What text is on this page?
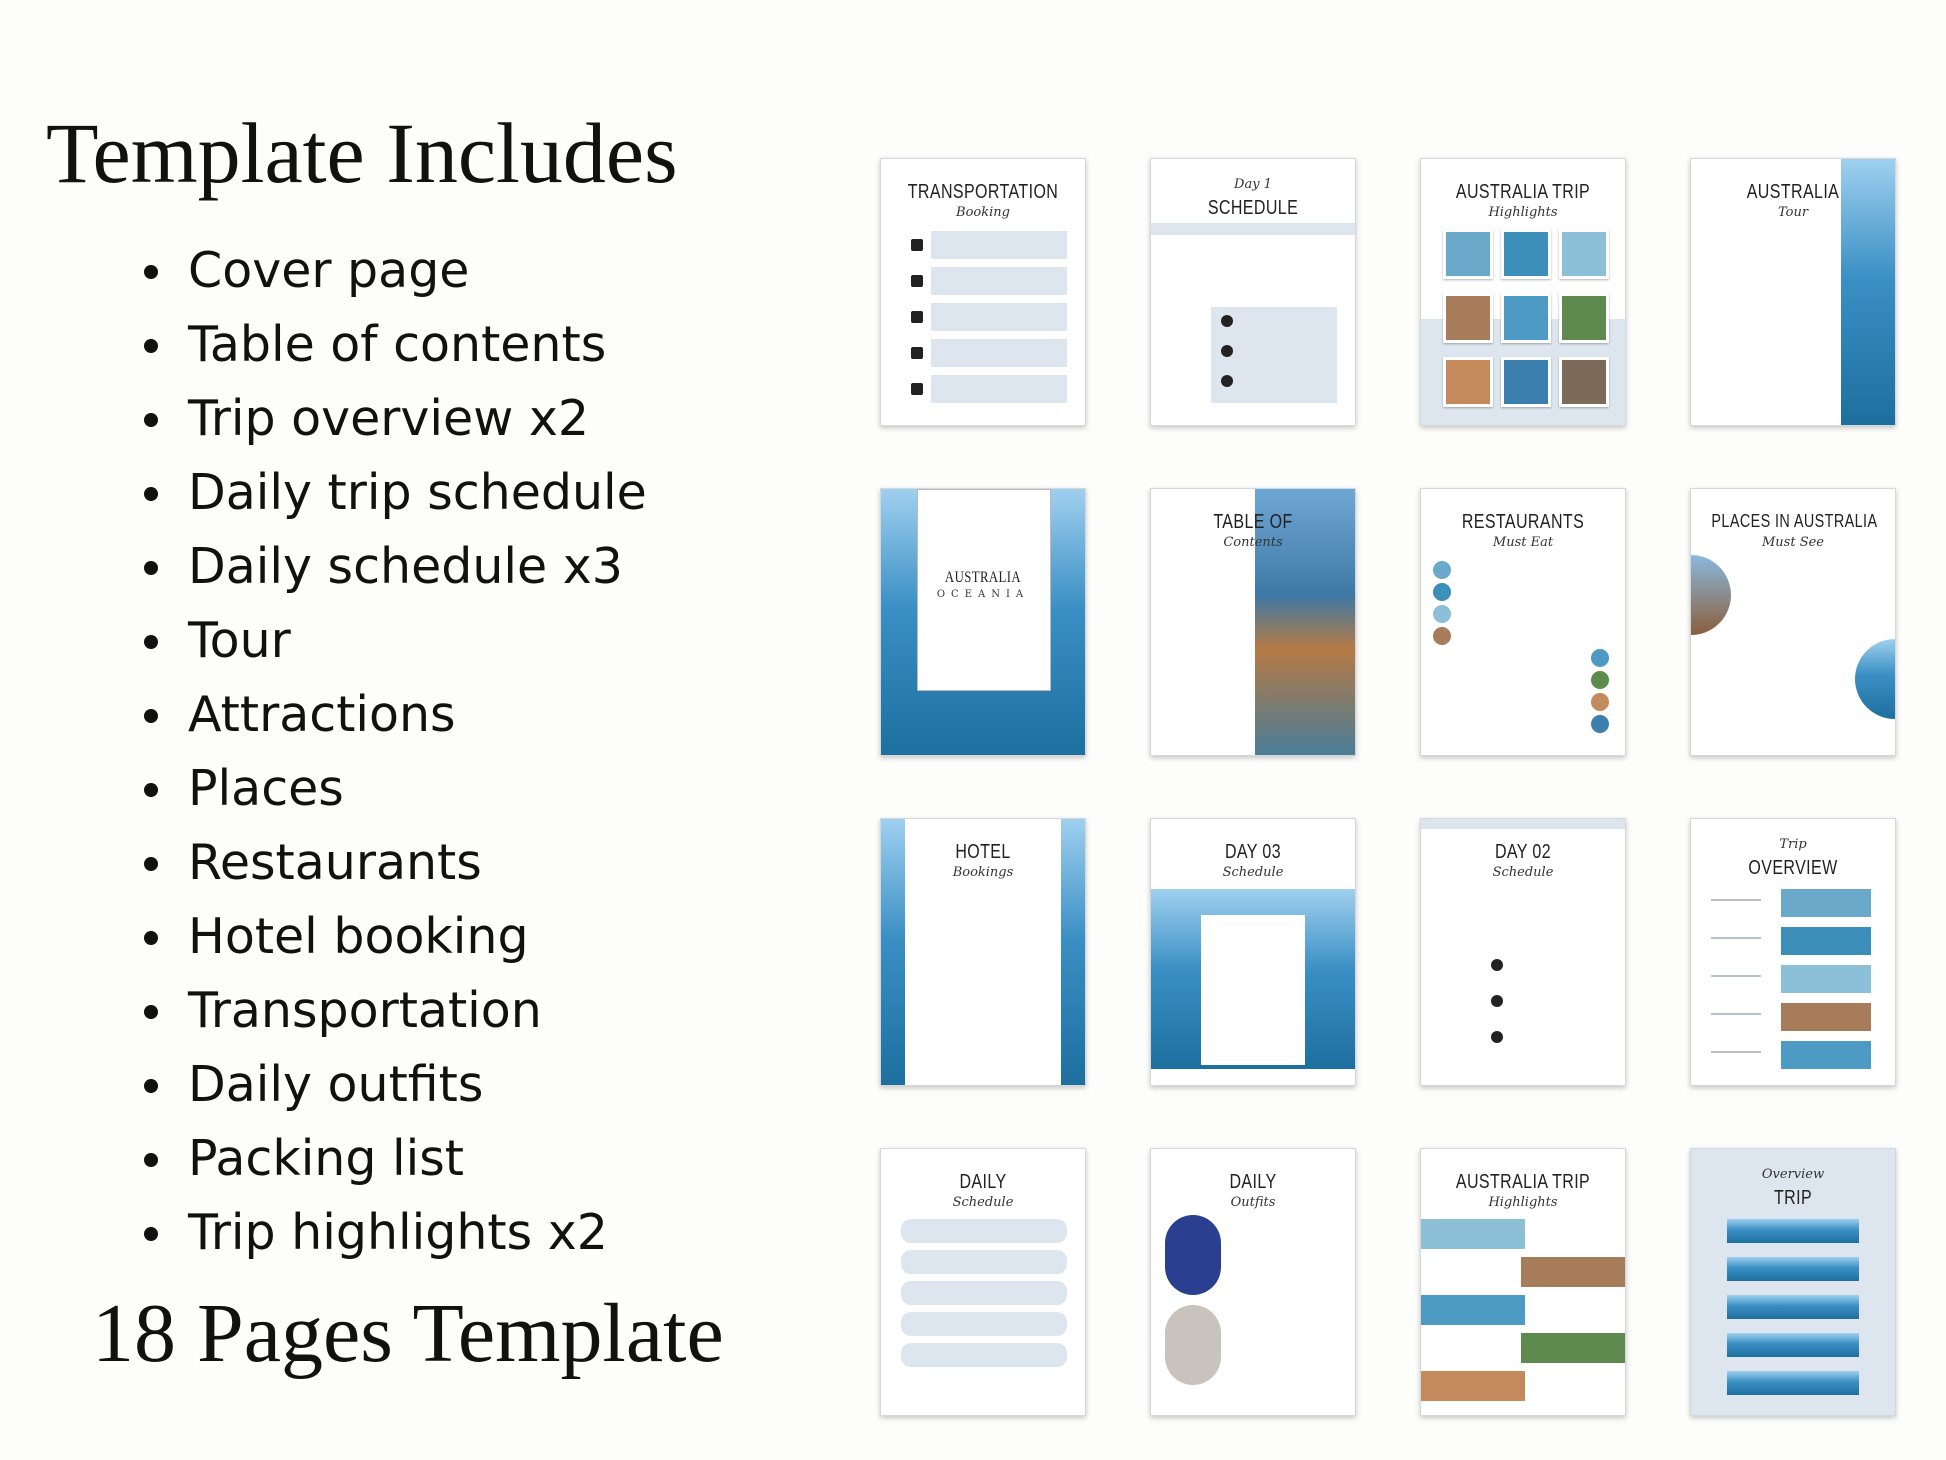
Template Includes
Cover page
Table of contents
Trip overview x2
Daily trip schedule
Daily schedule x3
Tour
Attractions
Places
Restaurants
Hotel booking
Transportation
Daily outfits
Packing list
Trip highlights x2
18 Pages Template
TRANSPORTATION
Booking	SCHEDULE
Day 1	AUSTRALIA TRIP
Highlights
AUSTRALIA
Tour
AUSTRALIA
OCEANIA
TABLE OF
Contents
RESTAURANTS
Must Eat
PLACES IN AUSTRALIA
Must See
HOTEL
Bookings
DAY 03
Schedule
DAY 02
Schedule	OVERVIEW
Trip
DAILY
Schedule
DAILY
Outfits
AUSTRALIA TRIP
Highlights	TRIP
Overview
